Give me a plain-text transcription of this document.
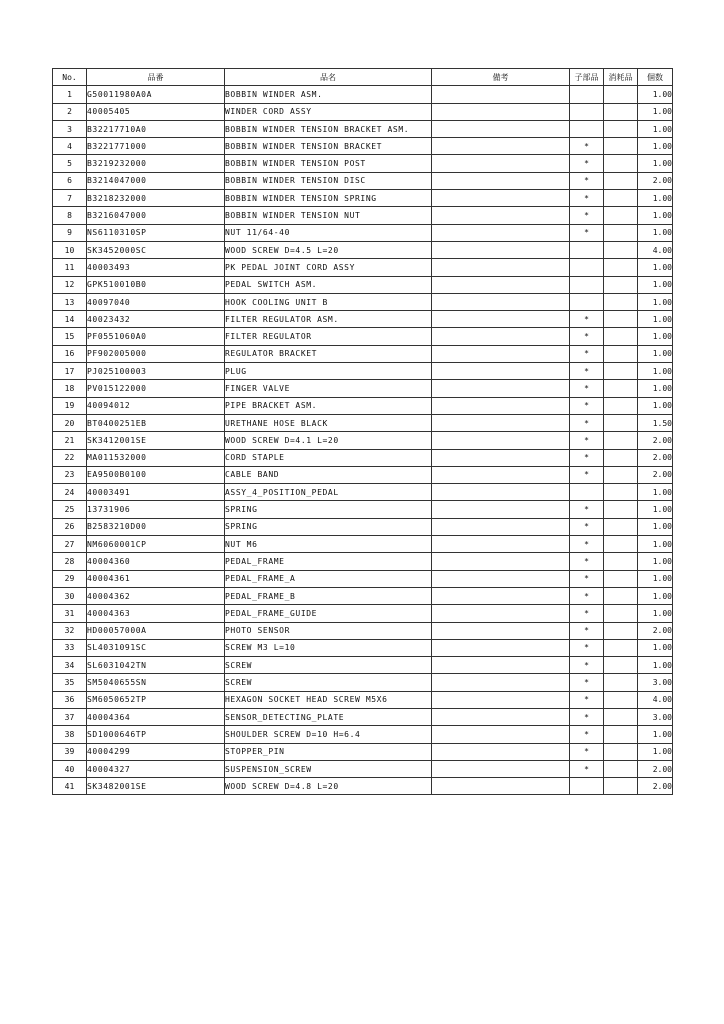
No.	品番	品名	備考	子部品	消耗品	個数
1	G50011980A0A	BOBBIN WINDER ASM.				1.00
2	40005405	WINDER CORD ASSY				1.00
3	B32217710A0	BOBBIN WINDER TENSION BRACKET ASM.				1.00
4	B3221771000	BOBBIN WINDER TENSION BRACKET		*		1.00
5	B3219232000	BOBBIN WINDER TENSION POST		*		1.00
6	B3214047000	BOBBIN WINDER TENSION DISC		*		2.00
7	B3218232000	BOBBIN WINDER TENSION SPRING		*		1.00
8	B3216047000	BOBBIN WINDER TENSION NUT		*		1.00
9	NS6110310SP	NUT 11/64-40		*		1.00
10	SK3452000SC	WOOD SCREW D=4.5 L=20				4.00
11	40003493	PK PEDAL JOINT CORD ASSY				1.00
12	GPK510010B0	PEDAL SWITCH ASM.				1.00
13	40097040	HOOK COOLING UNIT B				1.00
14	40023432	FILTER REGULATOR ASM.		*		1.00
15	PF0551060A0	FILTER REGULATOR		*		1.00
16	PF902005000	REGULATOR BRACKET		*		1.00
17	PJ025100003	PLUG		*		1.00
18	PV015122000	FINGER VALVE		*		1.00
19	40094012	PIPE BRACKET ASM.		*		1.00
20	BT0400251EB	URETHANE HOSE BLACK		*		1.50
21	SK3412001SE	WOOD SCREW D=4.1 L=20		*		2.00
22	MA011532000	CORD STAPLE		*		2.00
23	EA9500B0100	CABLE BAND		*		2.00
24	40003491	ASSY_4_POSITION_PEDAL				1.00
25	13731906	SPRING		*		1.00
26	B2583210D00	SPRING		*		1.00
27	NM6060001CP	NUT M6		*		1.00
28	40004360	PEDAL_FRAME		*		1.00
29	40004361	PEDAL_FRAME_A		*		1.00
30	40004362	PEDAL_FRAME_B		*		1.00
31	40004363	PEDAL_FRAME_GUIDE		*		1.00
32	HD00057000A	PHOTO SENSOR		*		2.00
33	SL4031091SC	SCREW M3 L=10		*		1.00
34	SL6031042TN	SCREW		*		1.00
35	SM5040655SN	SCREW		*		3.00
36	SM6050652TP	HEXAGON SOCKET HEAD SCREW M5X6		*		4.00
37	40004364	SENSOR_DETECTING_PLATE		*		3.00
38	SD1000646TP	SHOULDER SCREW D=10 H=6.4		*		1.00
39	40004299	STOPPER_PIN		*		1.00
40	40004327	SUSPENSION_SCREW		*		2.00
41	SK3482001SE	WOOD SCREW D=4.8 L=20				2.00
